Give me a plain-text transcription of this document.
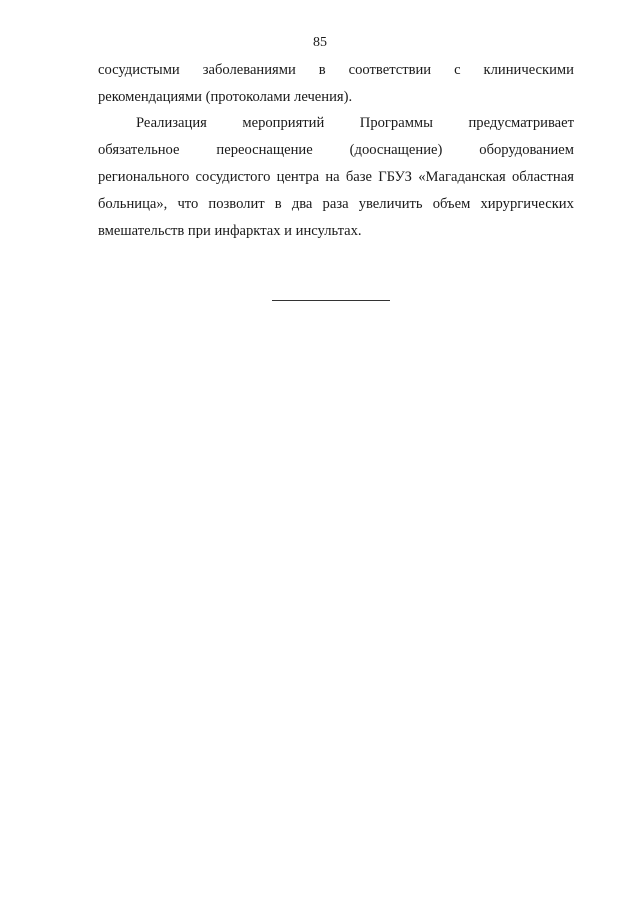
85
сосудистыми заболеваниями в соответствии с клиническими
рекомендациями (протоколами лечения).
Реализация мероприятий Программы предусматривает
обязательное	переоснащение	(дооснащение)	оборудованием
регионального сосудистого центра на базе ГБУЗ «Магаданская областная
больница», что позволит в два раза увеличить объем хирургических
вмешательств при инфарктах и инсультах.
